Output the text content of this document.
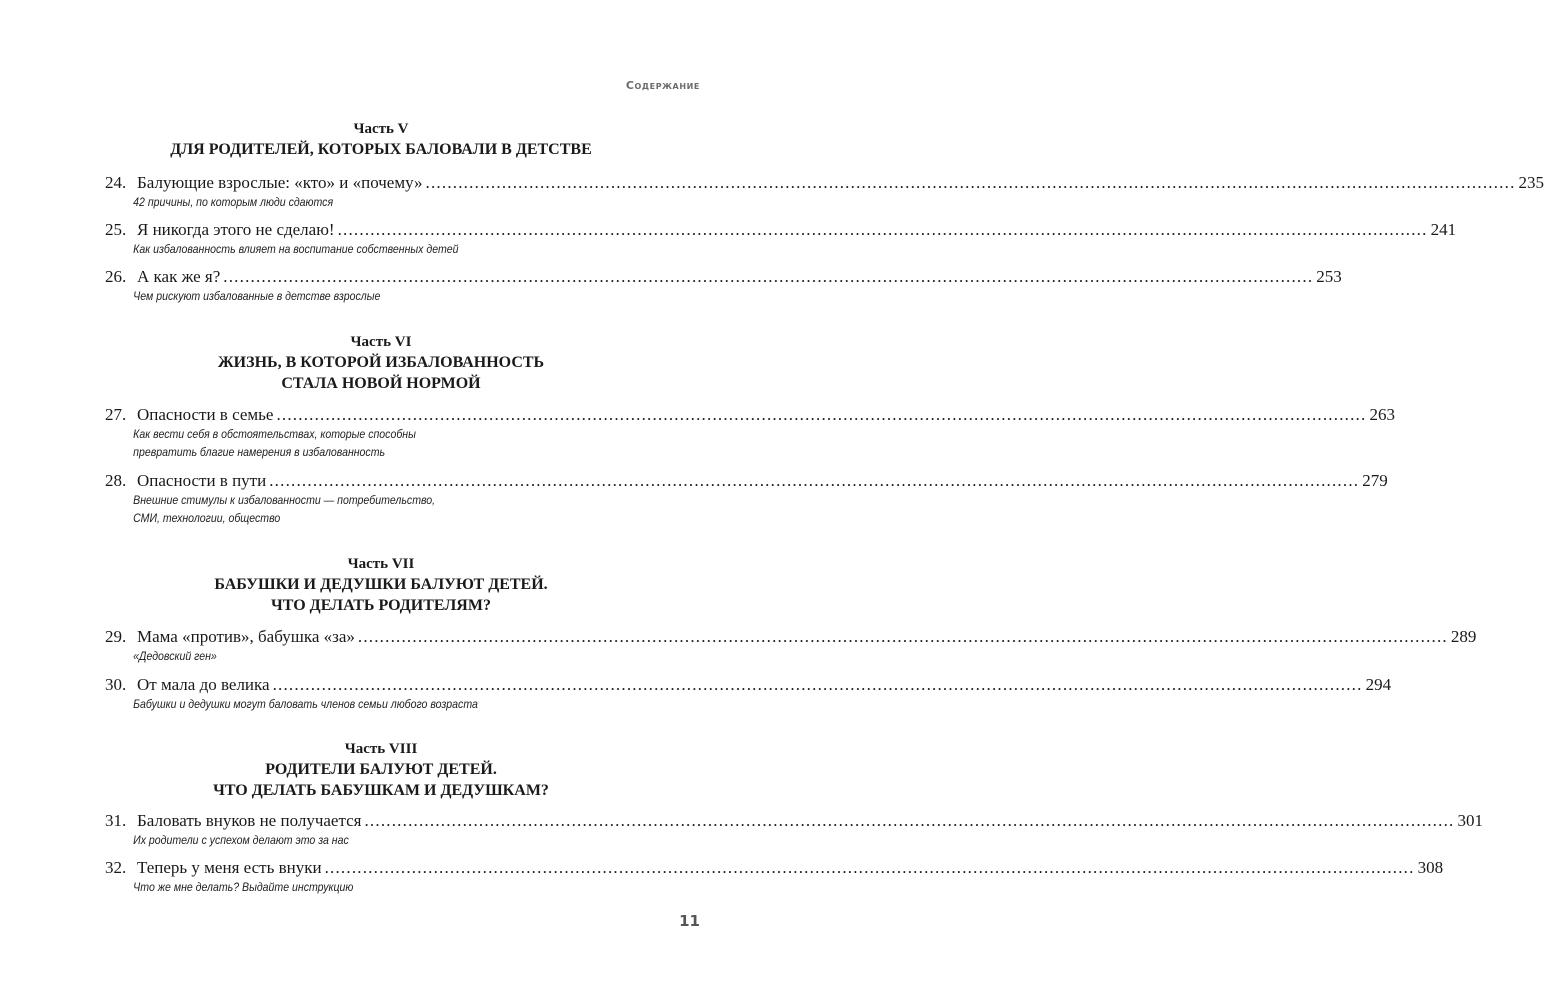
Содержание
Часть V
ДЛЯ РОДИТЕЛЕЙ, КОТОРЫХ БАЛОВАЛИ В ДЕТСТВЕ
24. Балующие взрослые: «кто» и «почему» ........................................................................................................................................................................................................ 235
42 причины, по которым люди сдаются
25. Я никогда этого не сделаю! ........................................................................................................................................................................................................ 241
Как избалованность влияет на воспитание собственных детей
26. А как же я? ........................................................................................................................................................................................................ 253
Чем рискуют избалованные в детстве взрослые
Часть VI
ЖИЗНЬ, В КОТОРОЙ ИЗБАЛОВАННОСТЬ
СТАЛА НОВОЙ НОРМОЙ
27. Опасности в семье ........................................................................................................................................................................................................ 263
Как вести себя в обстоятельствах, которые способны
превратить благие намерения в избалованность
28. Опасности в пути ........................................................................................................................................................................................................ 279
Внешние стимулы к избалованности — потребительство,
СМИ, технологии, общество
Часть VII
БАБУШКИ И ДЕДУШКИ БАЛУЮТ ДЕТЕЙ.
ЧТО ДЕЛАТЬ РОДИТЕЛЯМ?
29. Мама «против», бабушка «за» ........................................................................................................................................................................................................ 289
«Дедовский ген»
30. От мала до велика ........................................................................................................................................................................................................ 294
Бабушки и дедушки могут баловать членов семьи любого возраста
Часть VIII
РОДИТЕЛИ БАЛУЮТ ДЕТЕЙ.
ЧТО ДЕЛАТЬ БАБУШКАМ И ДЕДУШКАМ?
31. Баловать внуков не получается ........................................................................................................................................................................................................ 301
Их родители с успехом делают это за нас
32. Теперь у меня есть внуки ........................................................................................................................................................................................................ 308
Что же мне делать? Выдайте инструкцию
11
